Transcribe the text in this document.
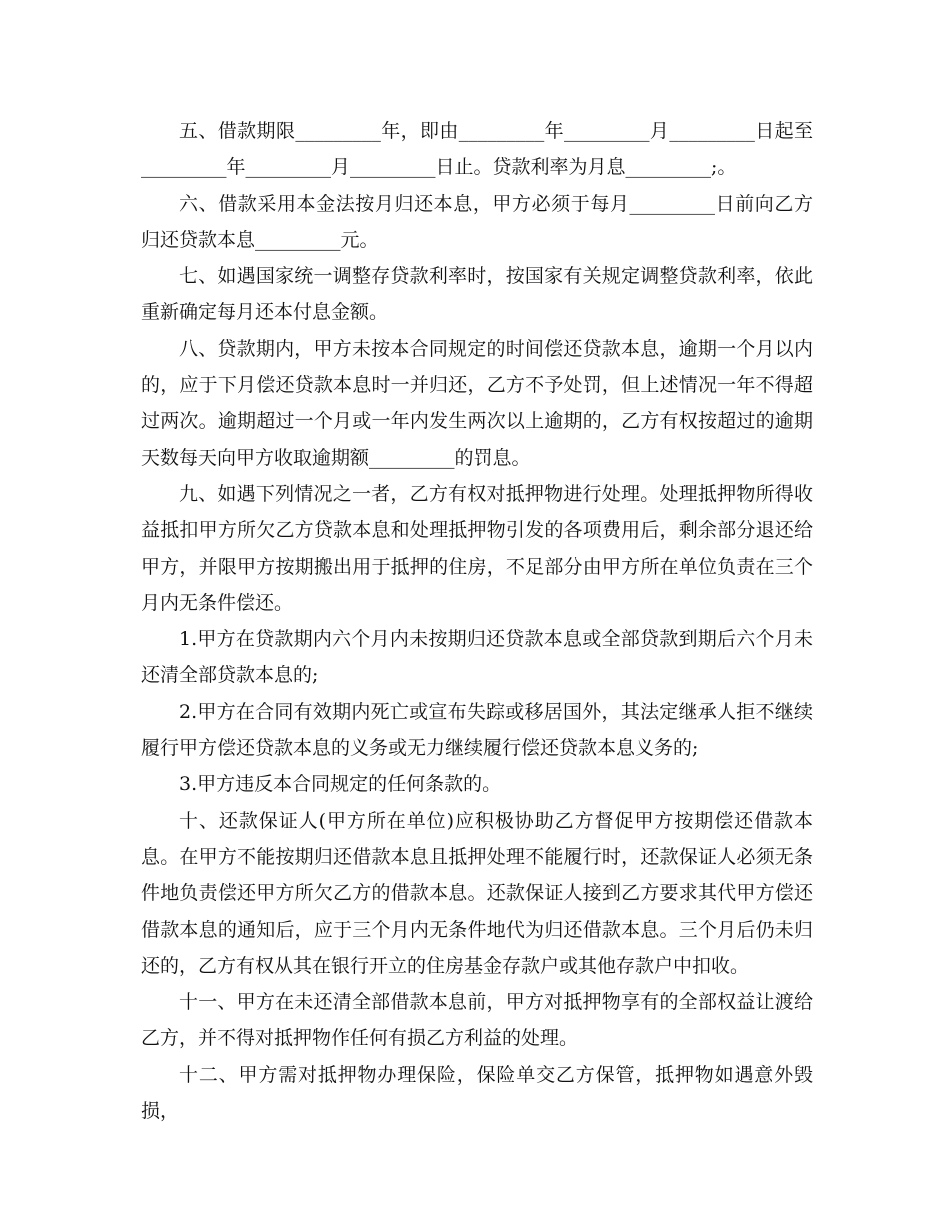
五、借款期限_________年，即由_________年_________月_________日起至_________年_________月_________日止。贷款利率为月息_________;。

六、借款采用本金法按月归还本息，甲方必须于每月_________日前向乙方归还贷款本息_________元。

七、如遇国家统一调整存贷款利率时，按国家有关规定调整贷款利率，依此重新确定每月还本付息金额。

八、贷款期内，甲方未按本合同规定的时间偿还贷款本息，逾期一个月以内的，应于下月偿还贷款本息时一并归还，乙方不予处罚，但上述情况一年不得超过两次。逾期超过一个月或一年内发生两次以上逾期的，乙方有权按超过的逾期天数每天向甲方收取逾期额_________的罚息。

九、如遇下列情况之一者，乙方有权对抵押物进行处理。处理抵押物所得收益抵扣甲方所欠乙方贷款本息和处理抵押物引发的各项费用后，剩余部分退还给甲方，并限甲方按期搬出用于抵押的住房，不足部分由甲方所在单位负责在三个月内无条件偿还。

1.甲方在贷款期内六个月内未按期归还贷款本息或全部贷款到期后六个月未还清全部贷款本息的;

2.甲方在合同有效期内死亡或宣布失踪或移居国外，其法定继承人拒不继续履行甲方偿还贷款本息的义务或无力继续履行偿还贷款本息义务的;

3.甲方违反本合同规定的任何条款的。

十、还款保证人(甲方所在单位)应积极协助乙方督促甲方按期偿还借款本息。在甲方不能按期归还借款本息且抵押处理不能履行时，还款保证人必须无条件地负责偿还甲方所欠乙方的借款本息。还款保证人接到乙方要求其代甲方偿还借款本息的通知后，应于三个月内无条件地代为归还借款本息。三个月后仍未归还的，乙方有权从其在银行开立的住房基金存款户或其他存款户中扣收。

十一、甲方在未还清全部借款本息前，甲方对抵押物享有的全部权益让渡给乙方，并不得对抵押物作任何有损乙方利益的处理。

十二、甲方需对抵押物办理保险，保险单交乙方保管，抵押物如遇意外毁损，
